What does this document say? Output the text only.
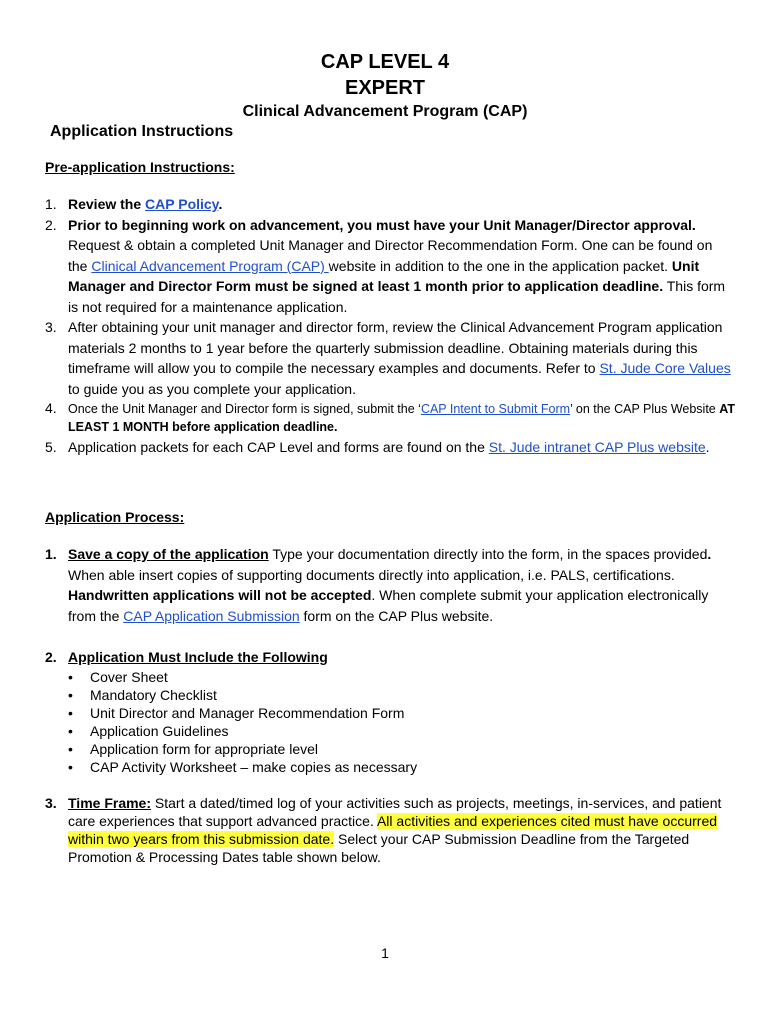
CAP LEVEL 4
EXPERT
Clinical Advancement Program (CAP)
Application Instructions
Pre-application Instructions:
1. Review the CAP Policy.
2. Prior to beginning work on advancement, you must have your Unit Manager/Director approval. Request & obtain a completed Unit Manager and Director Recommendation Form. One can be found on the Clinical Advancement Program (CAP) website in addition to the one in the application packet. Unit Manager and Director Form must be signed at least 1 month prior to application deadline. This form is not required for a maintenance application.
3. After obtaining your unit manager and director form, review the Clinical Advancement Program application materials 2 months to 1 year before the quarterly submission deadline. Obtaining materials during this timeframe will allow you to compile the necessary examples and documents. Refer to St. Jude Core Values to guide you as you complete your application.
4. Once the Unit Manager and Director form is signed, submit the ‘CAP Intent to Submit Form’ on the CAP Plus Website AT LEAST 1 MONTH before application deadline.
5. Application packets for each CAP Level and forms are found on the St. Jude intranet CAP Plus website.
Application Process:
1. Save a copy of the application Type your documentation directly into the form, in the spaces provided. When able insert copies of supporting documents directly into application, i.e. PALS, certifications. Handwritten applications will not be accepted. When complete submit your application electronically from the CAP Application Submission form on the CAP Plus website.
2. Application Must Include the Following
• Cover Sheet
• Mandatory Checklist
• Unit Director and Manager Recommendation Form
• Application Guidelines
• Application form for appropriate level
• CAP Activity Worksheet – make copies as necessary
3. Time Frame: Start a dated/timed log of your activities such as projects, meetings, in-services, and patient care experiences that support advanced practice. All activities and experiences cited must have occurred within two years from this submission date. Select your CAP Submission Deadline from the Targeted Promotion & Processing Dates table shown below.
1
